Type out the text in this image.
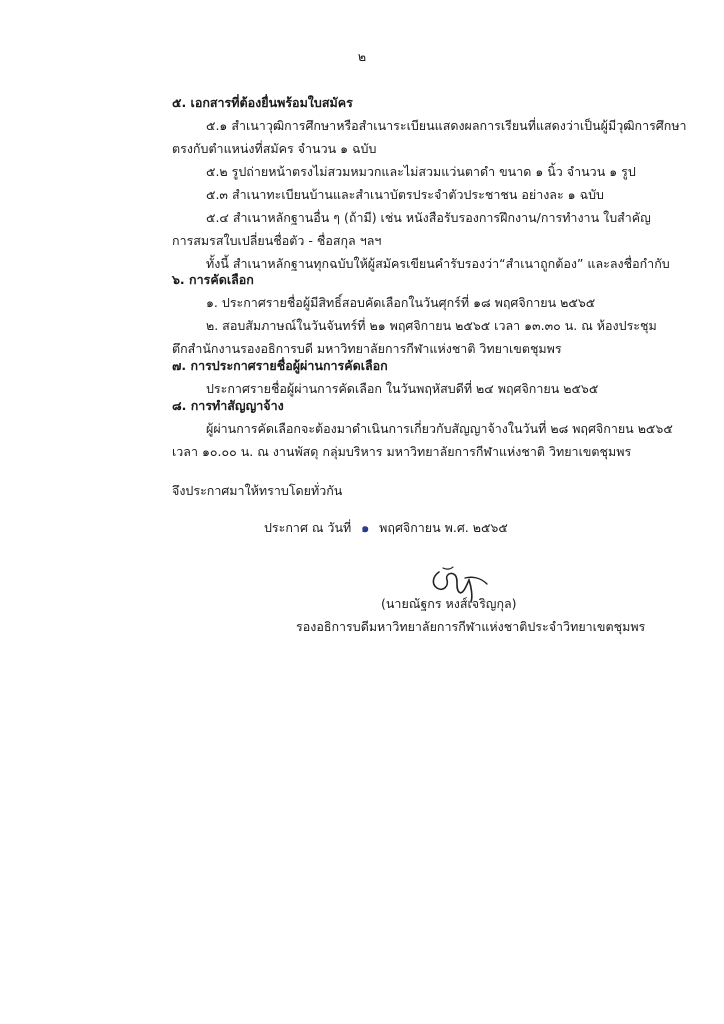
๒
๕. เอกสารที่ต้องยื่นพร้อมใบสมัคร
๕.๑ สำเนาวุฒิการศึกษาหรือสำเนาระเบียนแสดงผลการเรียนที่แสดงว่าเป็นผู้มีวุฒิการศึกษา
ตรงกับตำแหน่งที่สมัคร จำนวน ๑ ฉบับ
๕.๒ รูปถ่ายหน้าตรงไม่สวมหมวกและไม่สวมแว่นตาดำ ขนาด ๑ นิ้ว จำนวน ๑ รูป
๕.๓ สำเนาทะเบียนบ้านและสำเนาบัตรประจำตัวประชาชน อย่างละ ๑ ฉบับ
๕.๔ สำเนาหลักฐานอื่น ๆ (ถ้ามี) เช่น หนังสือรับรองการฝึกงาน/การทำงาน ใบสำคัญ
การสมรสใบเปลี่ยนชื่อตัว - ชื่อสกุล ฯลฯ
ทั้งนี้ สำเนาหลักฐานทุกฉบับให้ผู้สมัครเขียนคำรับรองว่า“สำเนาถูกต้อง” และลงชื่อกำกับ
๖. การคัดเลือก
๑. ประกาศรายชื่อผู้มีสิทธิ์สอบคัดเลือกในวันศุกร์ที่ ๑๘ พฤศจิกายน ๒๕๖๕
๒. สอบสัมภาษณ์ในวันจันทร์ที่ ๒๑ พฤศจิกายน ๒๕๖๕ เวลา ๑๓.๓๐ น. ณ ห้องประชุม
ตึกสำนักงานรองอธิการบดี มหาวิทยาลัยการกีฬาแห่งชาติ วิทยาเขตชุมพร
๗. การประกาศรายชื่อผู้ผ่านการคัดเลือก
ประกาศรายชื่อผู้ผ่านการคัดเลือก ในวันพฤหัสบดีที่ ๒๔ พฤศจิกายน ๒๕๖๕
๘. การทำสัญญาจ้าง
ผู้ผ่านการคัดเลือกจะต้องมาดำเนินการเกี่ยวกับสัญญาจ้างในวันที่ ๒๘ พฤศจิกายน ๒๕๖๕
เวลา ๑๐.๐๐ น. ณ งานพัสดุ กลุ่มบริหาร มหาวิทยาลัยการกีฬาแห่งชาติ วิทยาเขตชุมพร
จึงประกาศมาให้ทราบโดยทั่วกัน
ประกาศ ณ วันที่ ๑ พฤศจิกายน พ.ศ. ๒๕๖๕
(นายณัฐกร หงส์เจริญกุล)
รองอธิการบดีมหาวิทยาลัยการกีฬาแห่งชาติประจำวิทยาเขตชุมพร
